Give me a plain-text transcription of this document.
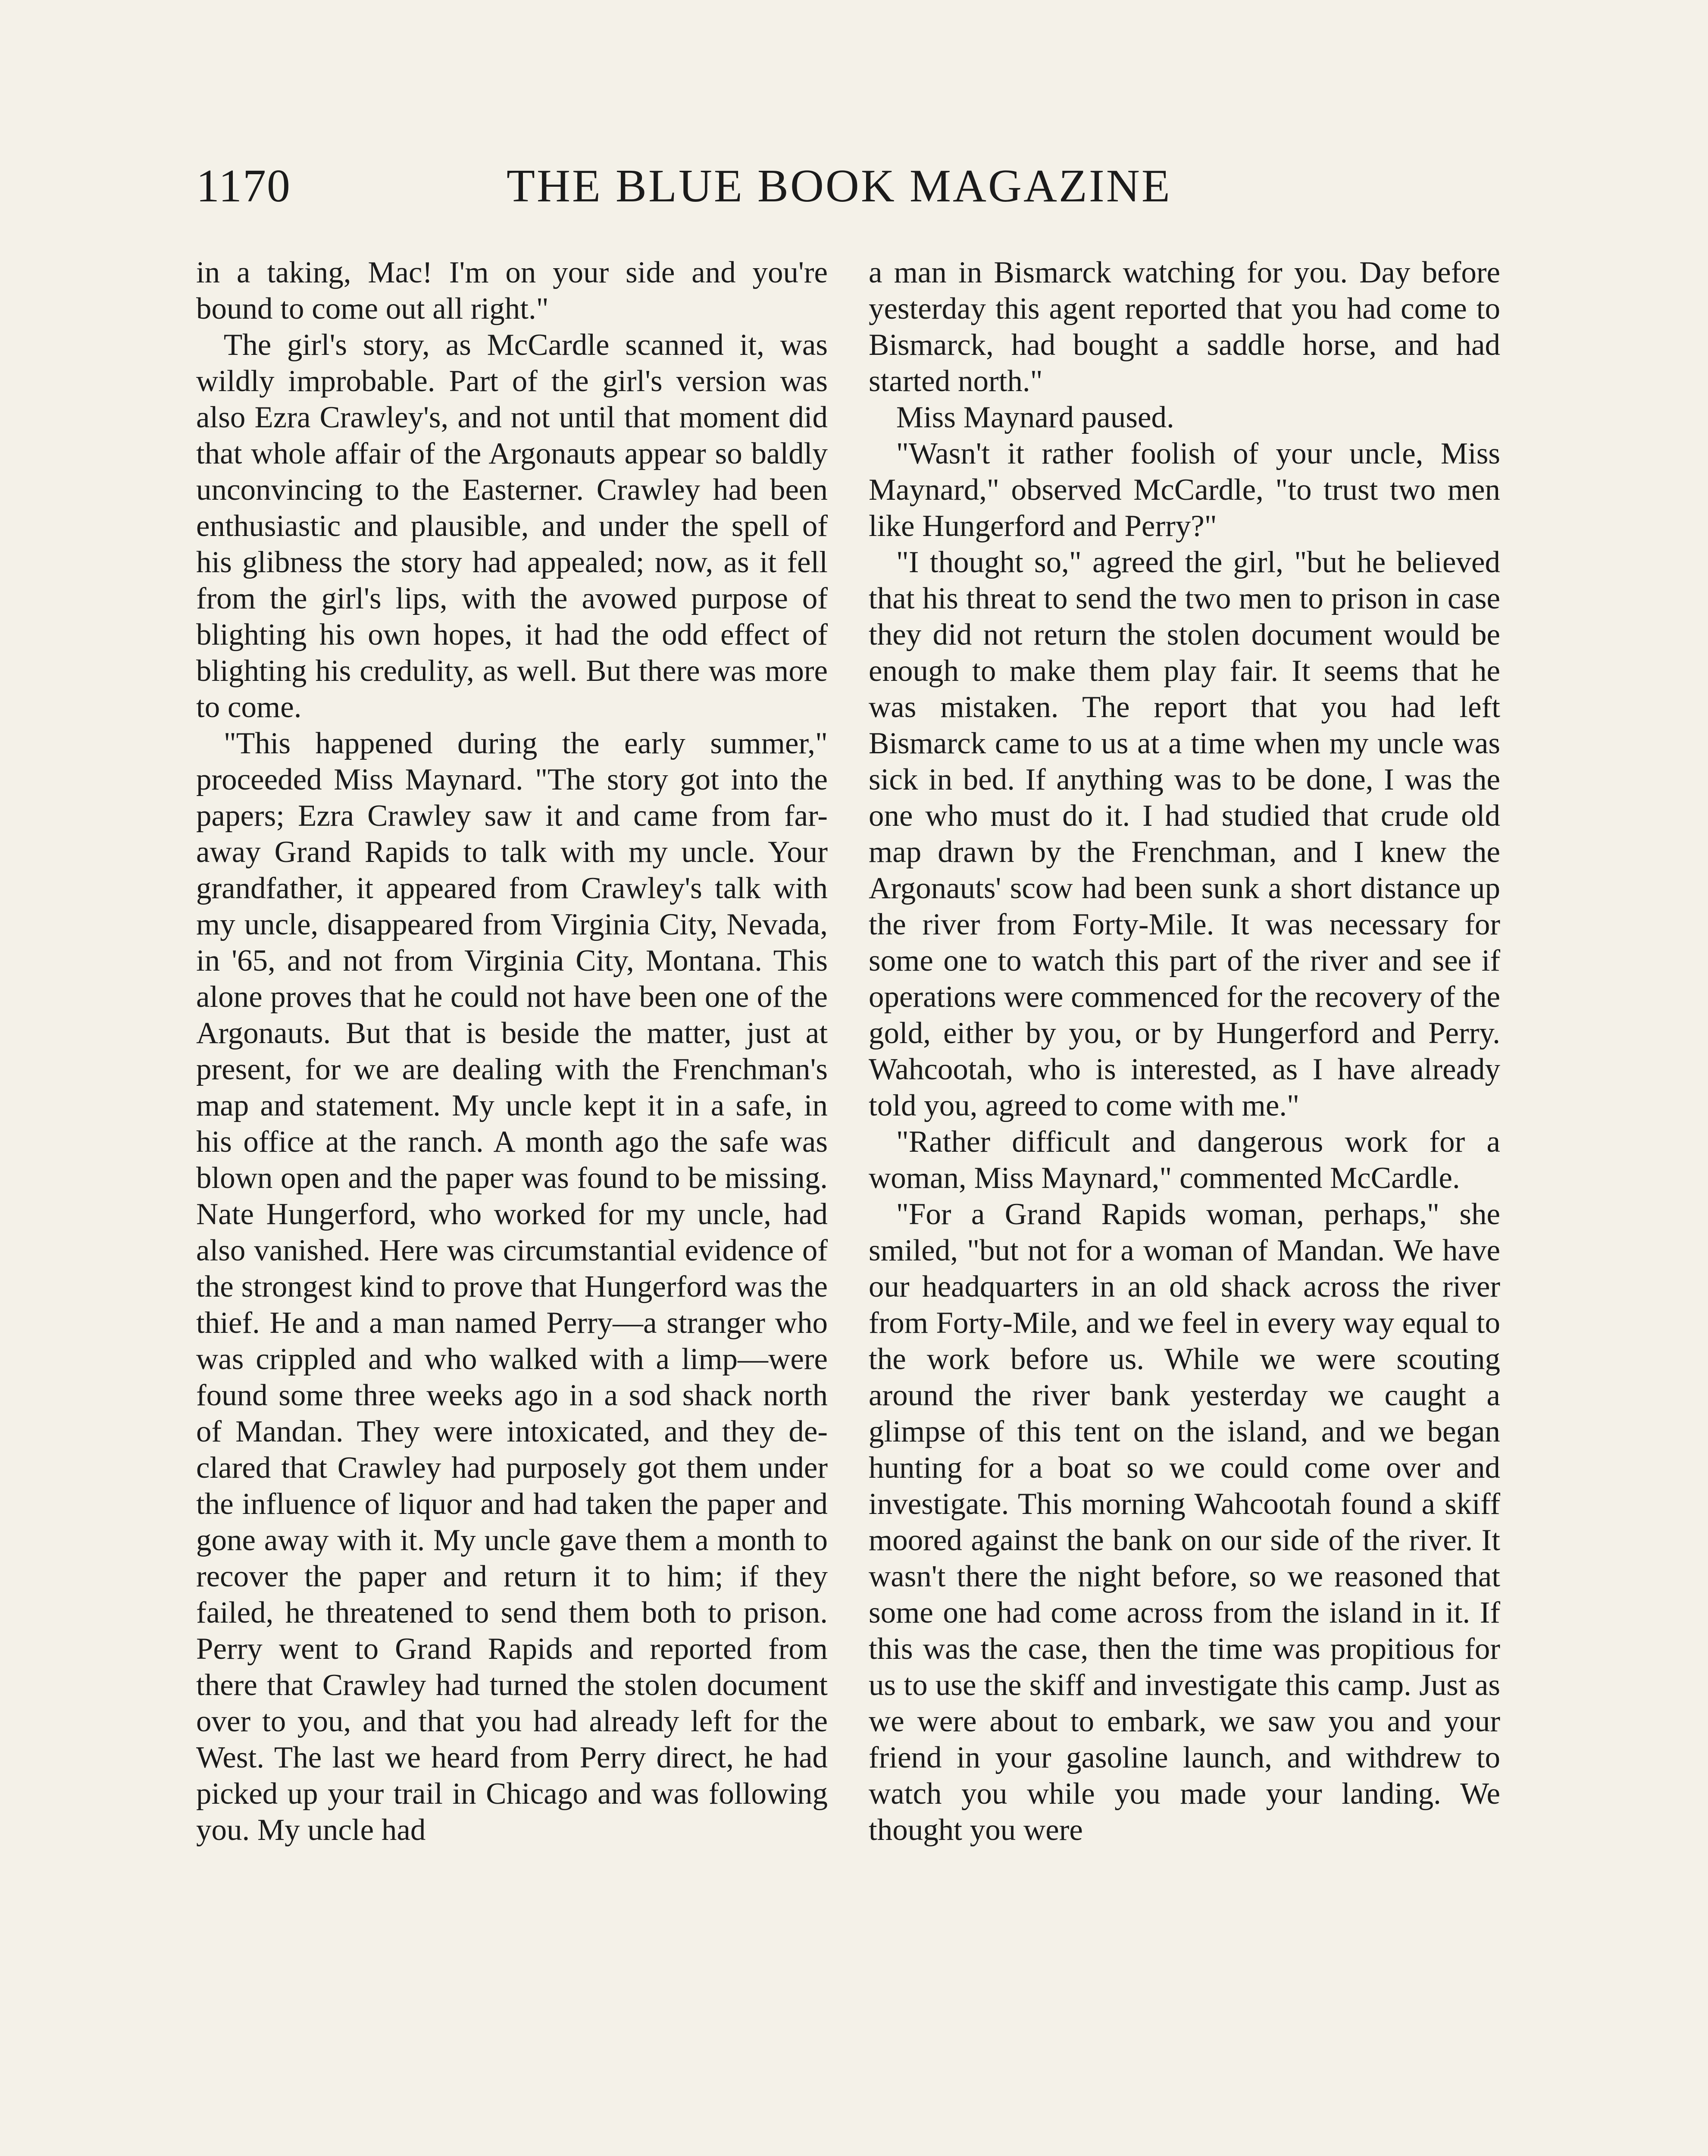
1170	THE BLUE BOOK MAGAZINE

in a taking, Mac! I'm on your side and you're bound to come out all right."

The girl's story, as McCardle scanned it, was wildly improbable. Part of the girl's version was also Ezra Crawley's, and not until that moment did that whole affair of the Argonauts appear so baldly unconvincing to the Easterner. Crawley had been enthusiastic and plausible, and under the spell of his glibness the story had appealed; now, as it fell from the girl's lips, with the avowed purpose of blighting his own hopes, it had the odd effect of blighting his credulity, as well. But there was more to come.

"This happened during the early summer," proceeded Miss Maynard. "The story got into the papers; Ezra Crawley saw it and came from far-away Grand Rapids to talk with my uncle. Your grandfather, it appeared from Crawley's talk with my uncle, disappeared from Virginia City, Nevada, in '65, and not from Virginia City, Montana. This alone proves that he could not have been one of the Argonauts. But that is beside the matter, just at present, for we are dealing with the Frenchman's map and statement. My uncle kept it in a safe, in his office at the ranch. A month ago the safe was blown open and the paper was found to be missing. Nate Hungerford, who worked for my uncle, had also vanished. Here was circumstantial evidence of the strongest kind to prove that Hungerford was the thief. He and a man named Perry—a stranger who was crippled and who walked with a limp—were found some three weeks ago in a sod shack north of Mandan. They were intoxicated, and they declared that Crawley had purposely got them under the influence of liquor and had taken the paper and gone away with it. My uncle gave them a month to recover the paper and return it to him; if they failed, he threatened to send them both to prison. Perry went to Grand Rapids and reported from there that Crawley had turned the stolen document over to you, and that you had already left for the West. The last we heard from Perry direct, he had picked up your trail in Chicago and was following you. My uncle had

a man in Bismarck watching for you. Day before yesterday this agent reported that you had come to Bismarck, had bought a saddle horse, and had started north."

Miss Maynard paused.

"Wasn't it rather foolish of your uncle, Miss Maynard," observed McCardle, "to trust two men like Hungerford and Perry?"

"I thought so," agreed the girl, "but he believed that his threat to send the two men to prison in case they did not return the stolen document would be enough to make them play fair. It seems that he was mistaken. The report that you had left Bismarck came to us at a time when my uncle was sick in bed. If anything was to be done, I was the one who must do it. I had studied that crude old map drawn by the Frenchman, and I knew the Argonauts' scow had been sunk a short distance up the river from Forty-Mile. It was necessary for some one to watch this part of the river and see if operations were commenced for the recovery of the gold, either by you, or by Hungerford and Perry. Wahcootah, who is interested, as I have already told you, agreed to come with me."

"Rather difficult and dangerous work for a woman, Miss Maynard," commented McCardle.

"For a Grand Rapids woman, perhaps," she smiled, "but not for a woman of Mandan. We have our headquarters in an old shack across the river from Forty-Mile, and we feel in every way equal to the work before us. While we were scouting around the river bank yesterday we caught a glimpse of this tent on the island, and we began hunting for a boat so we could come over and investigate. This morning Wahcootah found a skiff moored against the bank on our side of the river. It wasn't there the night before, so we reasoned that some one had come across from the island in it. If this was the case, then the time was propitious for us to use the skiff and investigate this camp. Just as we were about to embark, we saw you and your friend in your gasoline launch, and withdrew to watch you while you made your landing. We thought you were
